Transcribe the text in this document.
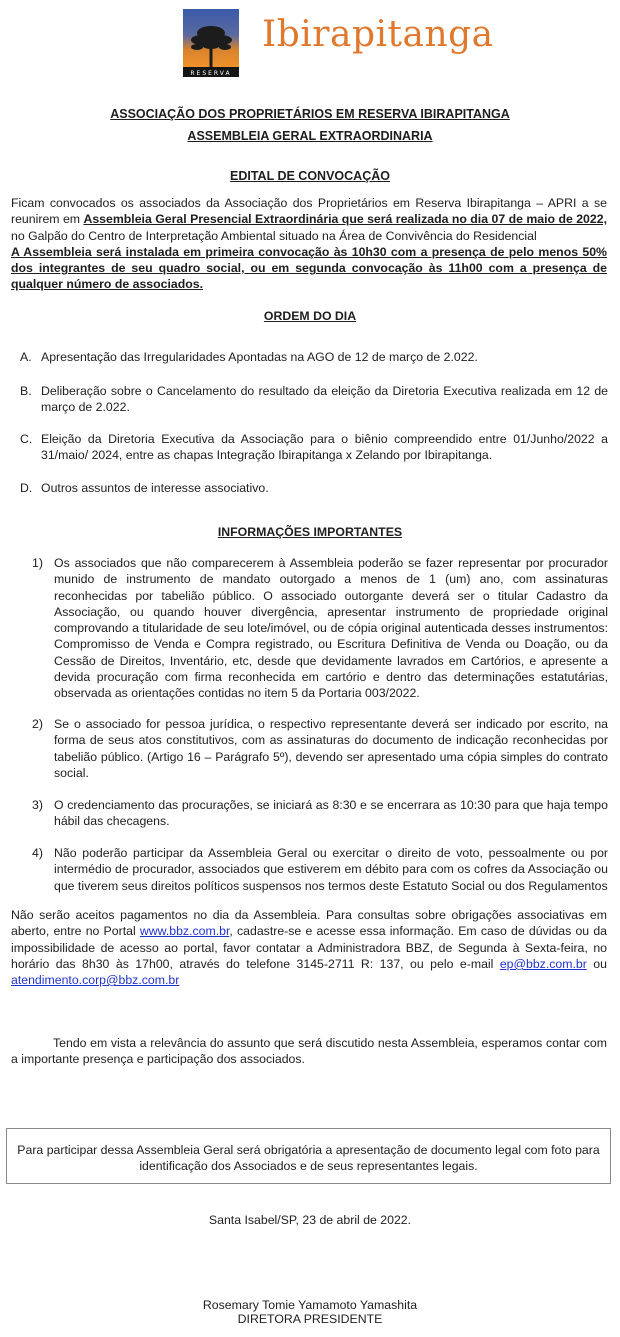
RESERVA
Ibirapitanga
ASSOCIAÇÃO DOS PROPRIETÁRIOS EM RESERVA IBIRAPITANGA
ASSEMBLEIA GERAL EXTRAORDINARIA
EDITAL DE CONVOCAÇÃO

Ficam convocados os associados da Associação dos Proprietários em Reserva Ibirapitanga – APRI a se reunirem em Assembleia Geral Presencial Extraordinária que será realizada no dia 07 de maio de 2022, no Galpão do Centro de Interpretação Ambiental situado na Área de Convivência do Residencial

A Assembleia será instalada em primeira convocação às 10h30 com a presença de pelo menos 50% dos integrantes de seu quadro social, ou em segunda convocação às 11h00 com a presença de qualquer número de associados.

ORDEM DO DIA
A. Apresentação das Irregularidades Apontadas na AGO de 12 de março de 2.022.
B. Deliberação sobre o Cancelamento do resultado da eleição da Diretoria Executiva realizada em 12 de março de 2.022.
C. Eleição da Diretoria Executiva da Associação para o biênio compreendido entre 01/Junho/2022 a 31/maio/ 2024, entre as chapas Integração Ibirapitanga x Zelando por Ibirapitanga.
D. Outros assuntos de interesse associativo.
INFORMAÇÕES IMPORTANTES
1) Os associados que não comparecerem à Assembleia poderão se fazer representar por procurador munido de instrumento de mandato outorgado a menos de 1 (um) ano, com assinaturas reconhecidas por tabelião público. O associado outorgante deverá ser o titular Cadastro da Associação, ou quando houver divergência, apresentar instrumento de propriedade original comprovando a titularidade de seu lote/imóvel, ou de cópia original autenticada desses instrumentos: Compromisso de Venda e Compra registrado, ou Escritura Definitiva de Venda ou Doação, ou da Cessão de Direitos, Inventário, etc, desde que devidamente lavrados em Cartórios, e apresente a devida procuração com firma reconhecida em cartório e dentro das determinações estatutárias, observada as orientações contidas no item 5 da Portaria 003/2022.
2) Se o associado for pessoa jurídica, o respectivo representante deverá ser indicado por escrito, na forma de seus atos constitutivos, com as assinaturas do documento de indicação reconhecidas por tabelião público. (Artigo 16 – Parágrafo 5º), devendo ser apresentado uma cópia simples do contrato social.
3) O credenciamento das procurações, se iniciará as 8:30 e se encerrara as 10:30 para que haja tempo hábil das checagens.
4) Não poderão participar da Assembleia Geral ou exercitar o direito de voto, pessoalmente ou por intermédio de procurador, associados que estiverem em débito para com os cofres da Associação ou que tiverem seus direitos políticos suspensos nos termos deste Estatuto Social ou dos Regulamentos
Não serão aceitos pagamentos no dia da Assembleia. Para consultas sobre obrigações associativas em aberto, entre no Portal www.bbz.com.br, cadastre-se e acesse essa informação. Em caso de dúvidas ou da impossibilidade de acesso ao portal, favor contatar a Administradora BBZ, de Segunda à Sexta-feira, no horário das 8h30 às 17h00, através do telefone 3145-2711 R: 137, ou pelo e-mail ep@bbz.com.br ou atendimento.corp@bbz.com.br
Tendo em vista a relevância do assunto que será discutido nesta Assembleia, esperamos contar com a importante presença e participação dos associados.
Para participar dessa Assembleia Geral será obrigatória a apresentação de documento legal com foto para identificação dos Associados e de seus representantes legais.
Santa Isabel/SP, 23 de abril de 2022.
Rosemary Tomie Yamamoto Yamashita
DIRETORA PRESIDENTE
